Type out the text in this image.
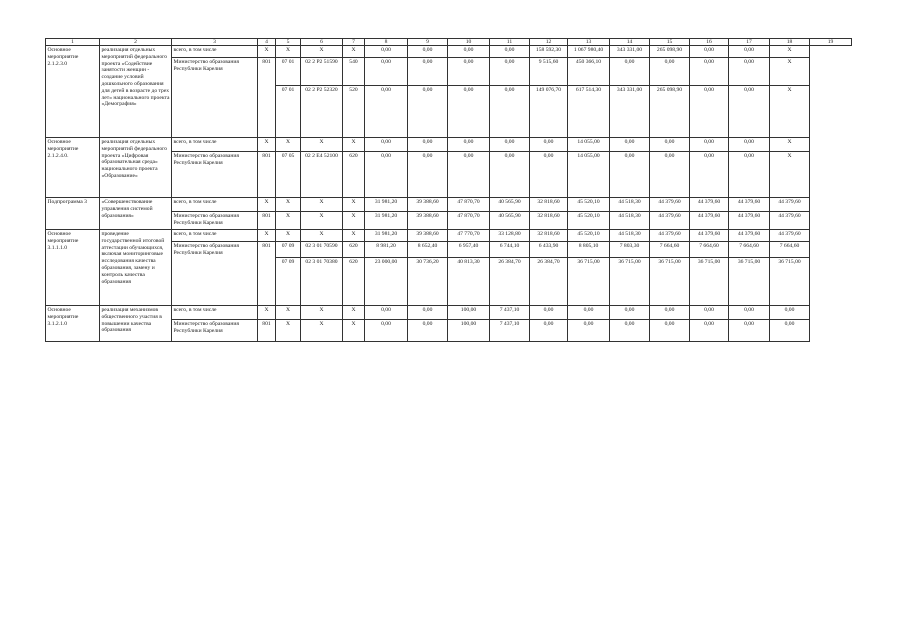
1	2	3	4	5	6	7	8	9	10	11	12	13	14	15	16	17	18	19
Основное мероприятие 2.1.2.3.0	реализация отдельных мероприятий федерального проекта «Содействие занятости женщин - создание условий дошкольного образования для детей в возрасте до трех лет» национального проекта «Демография»	всего, в том числе	Х	Х	Х	Х	0,00	0,00	0,00	0,00	158 592,30	1 067 980,40	343 331,00	265 098,90	0,00	0,00	Х	
		Министерство образования Республики Карелия	801	07 01	02 2 P2 51590	540	0,00	0,00	0,00	0,00	9 515,60	450 366,10	0,00	0,00	0,00	0,00	Х	
				07 01	02 2 P2 52320	520	0,00	0,00	0,00	0,00	149 076,70	617 514,30	343 331,00	265 098,90	0,00	0,00	Х	
Основное мероприятие 2.1.2.4.0.	реализация отдельных мероприятий федерального проекта «Цифровая образовательная среда» национального проекта «Образование»	всего, в том числе	Х	Х	Х	Х	0,00	0,00	0,00	0,00	0,00	14 055,00	0,00	0,00	0,00	0,00	Х	
		Министерство образования Республики Карелия	801	07 05	02 2 E4 52100	620	0,00	0,00	0,00	0,00	0,00	14 055,00	0,00	0,00	0,00	0,00	Х	
Подпрограмма 3	«Совершенствование управления системой образования»	всего, в том числе	Х	Х	Х	Х	31 981,20	39 388,60	47 870,70	40 565,90	32 818,60	45 520,10	44 518,30	44 379,60	44 379,60	44 379,60	44 379,60	
		Министерство образования Республики Карелия	801	Х	Х	Х	31 981,20	39 388,60	47 870,70	40 565,90	32 818,60	45 520,10	44 518,30	44 379,60	44 379,60	44 379,60	44 379,60	
Основное мероприятие 3.1.1.1.0	проведение государственной итоговой аттестации обучающихся, включая мониторинговые исследования качества образования, замену и контроль качества образования	всего, в том числе	Х	Х	Х	Х	31 981,20	39 388,60	47 770,70	33 128,80	32 818,60	45 520,10	44 518,30	44 379,60	44 379,60	44 379,60	44 379,60	
		Министерство образования Республики Карелия	801	07 09	02 3 01 70590	620	8 981,20	8 652,40	6 957,40	6 744,10	6 433,90	8 805,10	7 803,30	7 664,60	7 664,60	7 664,60	7 664,60	
				07 09	02 3 01 70380	620	23 000,00	30 736,20	40 813,30	26 384,70	26 384,70	36 715,00	36 715,00	36 715,00	36 715,00	36 715,00	36 715,00	
Основное мероприятие 3.1.2.1.0	реализация механизмов общественного участия в повышении качества образования	всего, в том числе	Х	Х	Х	Х	0,00	0,00	100,00	7 437,10	0,00	0,00	0,00	0,00	0,00	0,00	0,00	
		Министерство образования Республики Карелия	801	Х	Х	Х	0,00	0,00	100,00	7 437,10	0,00	0,00	0,00	0,00	0,00	0,00	0,00	
